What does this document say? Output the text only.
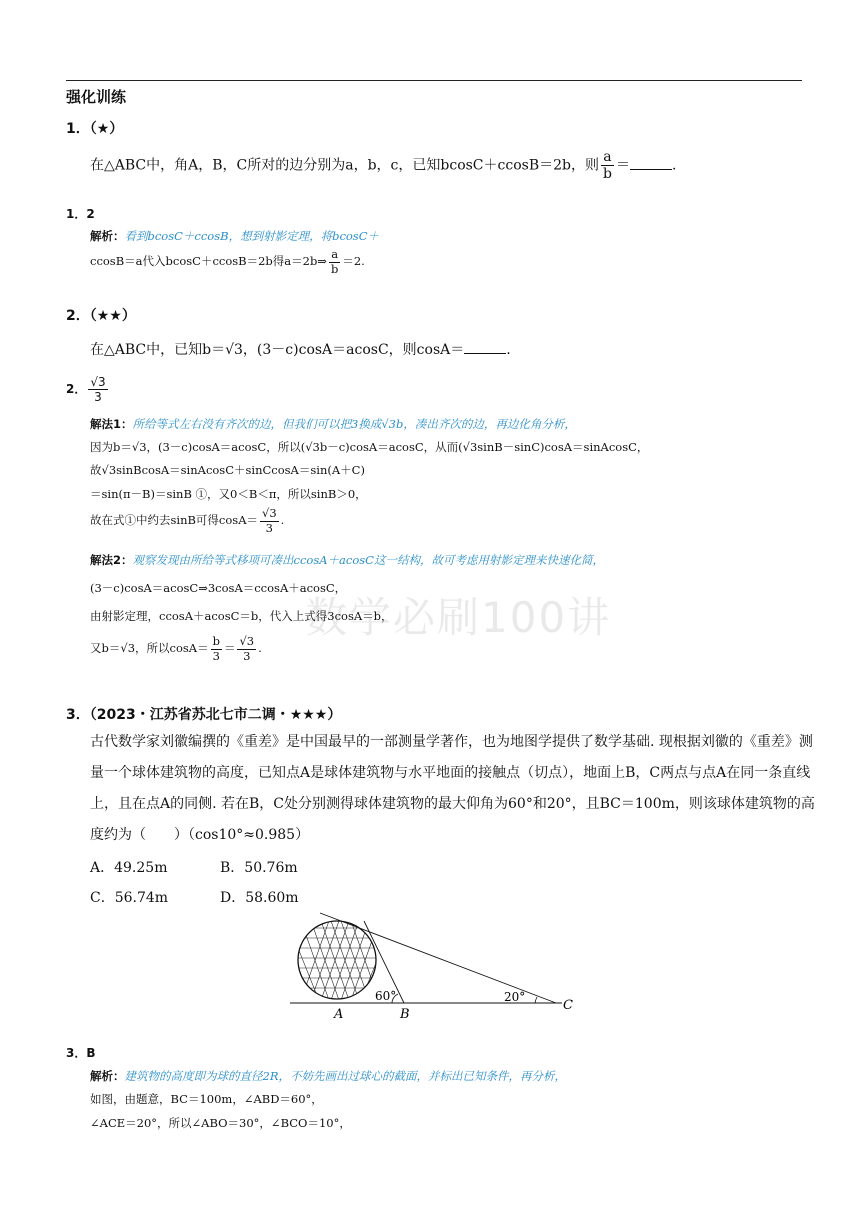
强化训练
数学必刷100讲
1．（★）
在△ABC中，角A，B，C所对的边分别为a，b，c，已知bcosC＋ccosB＝2b，则 $\frac{a}{b}$ ＝	.
1．2
解析：看到bcosC＋ccosB，想到射影定理，将bcosC＋
ccosB＝a代入bcosC＋ccosB＝2b得a＝2b⇒ $\frac{a}{b} =2$.
2．（★★）
在△ABC中，已知b＝√3，(3－c)cosA＝acosC，则cosA＝	.
2． $\frac{√3}{3}$
解法1：所给等式左右没有齐次的边，但我们可以把3换成√3b，凑出齐次的边，再边化角分析，
因为b＝√3，(3－c)cosA＝acosC，所以(√3b－c)cosA＝acosC，从而(√3sinB－sinC)cosA＝sinAcosC，
故√3sinBcosA＝sinAcosC＋sinCcosA＝sin(A＋C)
＝sin(π－B)＝sinB ①，又0＜B＜π，所以sinB＞0，
故在式①中约去sinB可得$\cos A= \frac{√3}{3}$ .
解法2：观察发现由所给等式移项可凑出ccosA＋acosC这一结构，故可考虑用射影定理来快速化简，
(3－c)cosA＝acosC⇒3cosA＝ccosA＋acosC，
由射影定理，ccosA＋acosC＝b，代入上式得3cosA＝b，
又b＝√3，所以$\cos A= \frac{b}{3} = \frac{√3}{3}$ .
3．（2023・江苏省苏北七市二调・★★★）
古代数学家刘徽编撰的《重差》是中国最早的一部测量学著作，也为地图学提供了数学基础. 现根据刘徽的《重差》测量一个球体建筑物的高度，已知点A是球体建筑物与水平地面的接触点（切点），地面上B，C两点与点A在同一条直线上，且在点A的同侧. 若在B，C处分别测得球体建筑物的最大仰角为60°和20°，且BC＝100m，则该球体建筑物的高度约为（　　）（cos10°≈0.985）
A．49.25m	B．50.76m
C．56.74m	D．58.60m
60°	20°
A	B
C
3．B
解析：建筑物的高度即为球的直径2R，不妨先画出过球心的截面，并标出已知条件，再分析，
如图，由题意，BC＝100m，∠ABD＝60°，
∠ACE＝20°，所以∠ABO＝30°，∠BCO＝10°，
